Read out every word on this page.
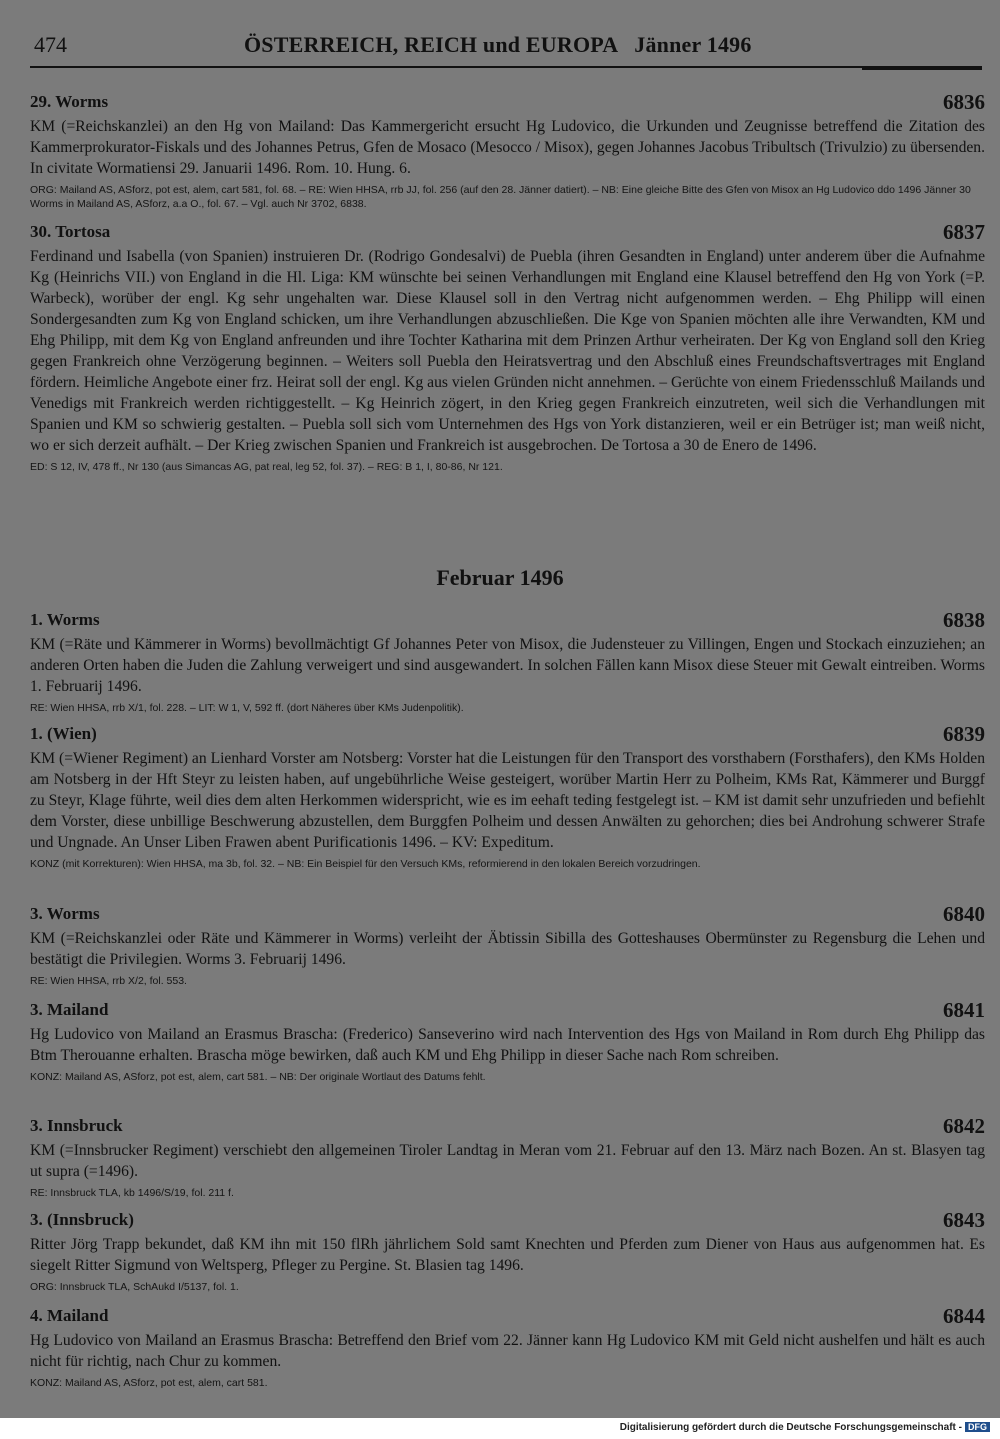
474	ÖSTERREICH, REICH und EUROPA   Jänner 1496
29. Worms	6836
KM (=Reichskanzlei) an den Hg von Mailand: Das Kammergericht ersucht Hg Ludovico, die Urkunden und Zeugnisse betreffend die Zitation des Kammerprokurator-Fiskals und des Johannes Petrus, Gfen de Mosaco (Mesocco / Misox), gegen Johannes Jacobus Tribultsch (Trivulzio) zu übersenden. In civitate Wormatiensi 29. Januarii 1496. Rom. 10. Hung. 6.
ORG: Mailand AS, ASforz, pot est, alem, cart 581, fol. 68. – RE: Wien HHSA, rrb JJ, fol. 256 (auf den 28. Jänner datiert). – NB: Eine gleiche Bitte des Gfen von Misox an Hg Ludovico ddo 1496 Jänner 30 Worms in Mailand AS, ASforz, a.a O., fol. 67. – Vgl. auch Nr 3702, 6838.
30. Tortosa	6837
Ferdinand und Isabella (von Spanien) instruieren Dr. (Rodrigo Gondesalvi) de Puebla (ihren Gesandten in England) unter anderem über die Aufnahme Kg (Heinrichs VII.) von England in die Hl. Liga: KM wünschte bei seinen Verhandlungen mit England eine Klausel betreffend den Hg von York (=P. Warbeck), worüber der engl. Kg sehr ungehalten war. Diese Klausel soll in den Vertrag nicht aufgenommen werden. – Ehg Philipp will einen Sondergesandten zum Kg von England schicken, um ihre Verhandlungen abzuschließen. Die Kge von Spanien möchten alle ihre Verwandten, KM und Ehg Philipp, mit dem Kg von England anfreunden und ihre Tochter Katharina mit dem Prinzen Arthur verheiraten. Der Kg von England soll den Krieg gegen Frankreich ohne Verzögerung beginnen. – Weiters soll Puebla den Heiratsvertrag und den Abschluß eines Freundschaftsvertrages mit England fördern. Heimliche Angebote einer frz. Heirat soll der engl. Kg aus vielen Gründen nicht annehmen. – Gerüchte von einem Friedensschluß Mailands und Venedigs mit Frankreich werden richtiggestellt. – Kg Heinrich zögert, in den Krieg gegen Frankreich einzutreten, weil sich die Verhandlungen mit Spanien und KM so schwierig gestalten. – Puebla soll sich vom Unternehmen des Hgs von York distanzieren, weil er ein Betrüger ist; man weiß nicht, wo er sich derzeit aufhält. – Der Krieg zwischen Spanien und Frankreich ist ausgebrochen. De Tortosa a 30 de Enero de 1496.
ED: S 12, IV, 478 ff., Nr 130 (aus Simancas AG, pat real, leg 52, fol. 37). – REG: B 1, I, 80-86, Nr 121.
Februar 1496
1. Worms	6838
KM (=Räte und Kämmerer in Worms) bevollmächtigt Gf Johannes Peter von Misox, die Judensteuer zu Villingen, Engen und Stockach einzuziehen; an anderen Orten haben die Juden die Zahlung verweigert und sind ausgewandert. In solchen Fällen kann Misox diese Steuer mit Gewalt eintreiben. Worms 1. Februarij 1496.
RE: Wien HHSA, rrb X/1, fol. 228. – LIT: W 1, V, 592 ff. (dort Näheres über KMs Judenpolitik).
1. (Wien)	6839
KM (=Wiener Regiment) an Lienhard Vorster am Notsberg: Vorster hat die Leistungen für den Transport des vorsthabern (Forsthafers), den KMs Holden am Notsberg in der Hft Steyr zu leisten haben, auf ungebührliche Weise gesteigert, worüber Martin Herr zu Polheim, KMs Rat, Kämmerer und Burggf zu Steyr, Klage führte, weil dies dem alten Herkommen widerspricht, wie es im eehaft teding festgelegt ist. – KM ist damit sehr unzufrieden und befiehlt dem Vorster, diese unbillige Beschwerung abzustellen, dem Burggfen Polheim und dessen Anwälten zu gehorchen; dies bei Androhung schwerer Strafe und Ungnade. An Unser Liben Frawen abent Purificationis 1496. – KV: Expeditum.
KONZ (mit Korrekturen): Wien HHSA, ma 3b, fol. 32. – NB: Ein Beispiel für den Versuch KMs, reformierend in den lokalen Bereich vorzudringen.
3. Worms	6840
KM (=Reichskanzlei oder Räte und Kämmerer in Worms) verleiht der Äbtissin Sibilla des Gotteshauses Obermünster zu Regensburg die Lehen und bestätigt die Privilegien. Worms 3. Februarij 1496.
RE: Wien HHSA, rrb X/2, fol. 553.
3. Mailand	6841
Hg Ludovico von Mailand an Erasmus Brascha: (Frederico) Sanseverino wird nach Intervention des Hgs von Mailand in Rom durch Ehg Philipp das Btm Therouanne erhalten. Brascha möge bewirken, daß auch KM und Ehg Philipp in dieser Sache nach Rom schreiben.
KONZ: Mailand AS, ASforz, pot est, alem, cart 581. – NB: Der originale Wortlaut des Datums fehlt.
3. Innsbruck	6842
KM (=Innsbrucker Regiment) verschiebt den allgemeinen Tiroler Landtag in Meran vom 21. Februar auf den 13. März nach Bozen. An st. Blasyen tag ut supra (=1496).
RE: Innsbruck TLA, kb 1496/S/19, fol. 211 f.
3. (Innsbruck)	6843
Ritter Jörg Trapp bekundet, daß KM ihn mit 150 flRh jährlichem Sold samt Knechten und Pferden zum Diener von Haus aus aufgenommen hat. Es siegelt Ritter Sigmund von Weltsperg, Pfleger zu Pergine. St. Blasien tag 1496.
ORG: Innsbruck TLA, SchAukd I/5137, fol. 1.
4. Mailand	6844
Hg Ludovico von Mailand an Erasmus Brascha: Betreffend den Brief vom 22. Jänner kann Hg Ludovico KM mit Geld nicht aushelfen und hält es auch nicht für richtig, nach Chur zu kommen.
KONZ: Mailand AS, ASforz, pot est, alem, cart 581.
Digitalisierung gefördert durch die Deutsche Forschungsgemeinschaft - DFG
